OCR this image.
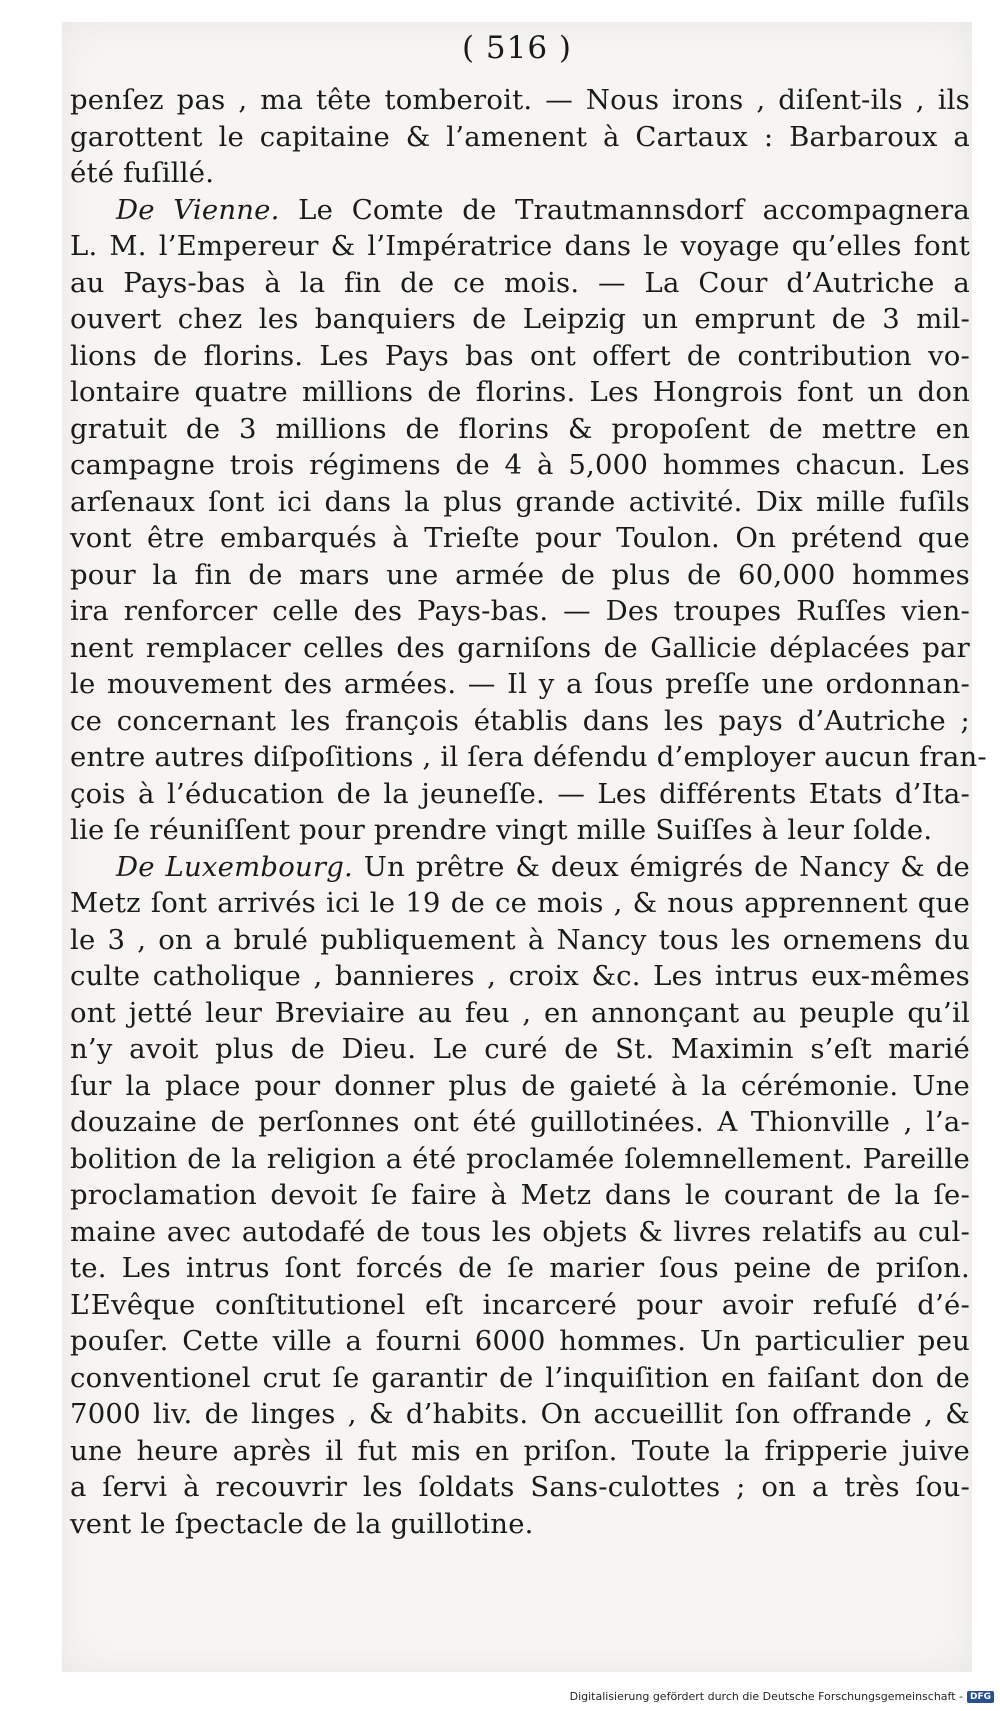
( 516 )
penſez pas , ma tête tomberoit. — Nous irons , diſent-ils , ils
garottent le capitaine & l’amenent à Cartaux : Barbaroux a
été fuſillé.
De Vienne. Le Comte de Trautmannsdorf accompagnera
L. M. l’Empereur & l’Impératrice dans le voyage qu’elles font
au Pays-bas à la fin de ce mois. — La Cour d’Autriche a
ouvert chez les banquiers de Leipzig un emprunt de 3 mil-
lions de florins. Les Pays bas ont offert de contribution vo-
lontaire quatre millions de florins. Les Hongrois font un don
gratuit de 3 millions de florins & propoſent de mettre en
campagne trois régimens de 4 à 5,000 hommes chacun. Les
arſenaux ſont ici dans la plus grande activité. Dix mille fuſils
vont être embarqués à Trieſte pour Toulon. On prétend que
pour la fin de mars une armée de plus de 60,000 hommes
ira renforcer celle des Pays-bas. — Des troupes Ruſſes vien-
nent remplacer celles des garniſons de Gallicie déplacées par
le mouvement des armées. — Il y a ſous preſſe une ordonnan-
ce concernant les françois établis dans les pays d’Autriche ;
entre autres diſpoſitions , il ſera défendu d’employer aucun fran-
çois à l’éducation de la jeuneſſe. — Les différents Etats d’Ita-
lie ſe réuniſſent pour prendre vingt mille Suiſſes à leur ſolde.
De Luxembourg. Un prêtre & deux émigrés de Nancy & de
Metz ſont arrivés ici le 19 de ce mois , & nous apprennent que
le 3 , on a brulé publiquement à Nancy tous les ornemens du
culte catholique , bannieres , croix &c. Les intrus eux-mêmes
ont jetté leur Breviaire au feu , en annonçant au peuple qu’il
n’y avoit plus de Dieu. Le curé de St. Maximin s’eſt marié
ſur la place pour donner plus de gaieté à la cérémonie. Une
douzaine de perſonnes ont été guillotinées. A Thionville , l’a-
bolition de la religion a été proclamée ſolemnellement. Pareille
proclamation devoit ſe faire à Metz dans le courant de la ſe-
maine avec autodafé de tous les objets & livres relatifs au cul-
te. Les intrus ſont forcés de ſe marier ſous peine de priſon.
L’Evêque conſtitutionel eſt incarceré pour avoir refuſé d’é-
pouſer. Cette ville a fourni 6000 hommes. Un particulier peu
conventionel crut ſe garantir de l’inquiſition en faiſant don de
7000 liv. de linges , & d’habits. On accueillit ſon offrande , &
une heure après il fut mis en priſon. Toute la fripperie juive
a ſervi à recouvrir les ſoldats Sans-culottes ; on a très ſou-
vent le ſpectacle de la guillotine.
Digitalisierung gefördert durch die Deutsche Forschungsgemeinschaft - DFG
